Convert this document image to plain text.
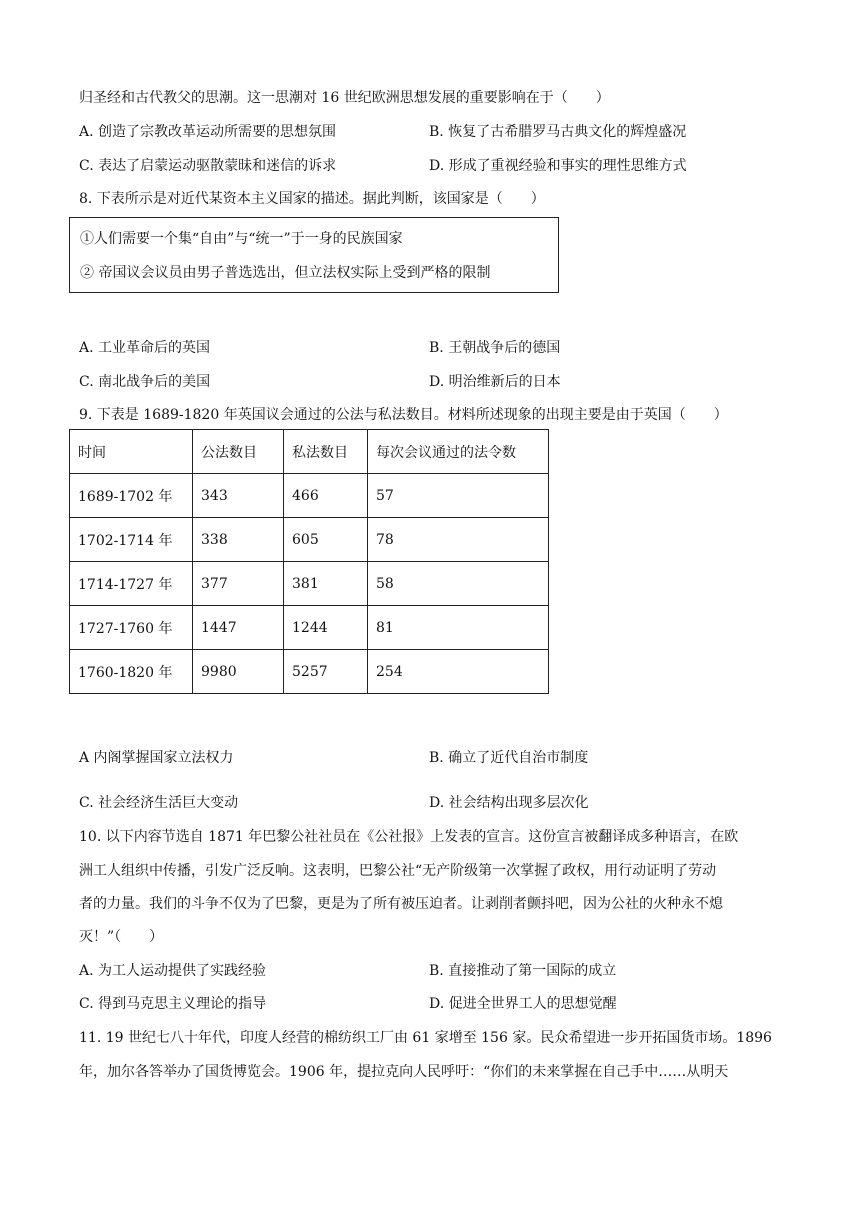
归圣经和古代教父的思潮。这一思潮对 16 世纪欧洲思想发展的重要影响在于（　　）
A. 创造了宗教改革运动所需要的思想氛围	B. 恢复了古希腊罗马古典文化的辉煌盛况
C. 表达了启蒙运动驱散蒙昧和迷信的诉求	D. 形成了重视经验和事实的理性思维方式
8. 下表所示是对近代某资本主义国家的描述。据此判断，该国家是（　　）
①人们需要一个集“自由”与“统一”于一身的民族国家
② 帝国议会议员由男子普选选出，但立法权实际上受到严格的限制
A. 工业革命后的英国	B. 王朝战争后的德国
C. 南北战争后的美国	D. 明治维新后的日本
9. 下表是 1689-1820 年英国议会通过的公法与私法数目。材料所述现象的出现主要是由于英国（　　）
时间	公法数目	私法数目	每次会议通过的法令数
1689-1702 年	343	466	57
1702-1714 年	338	605	78
1714-1727 年	377	381	58
1727-1760 年	1447	1244	81
1760-1820 年	9980	5257	254
A 内阁掌握国家立法权力	B. 确立了近代自治市制度
C. 社会经济生活巨大变动	D. 社会结构出现多层次化
10. 以下内容节选自 1871 年巴黎公社社员在《公社报》上发表的宣言。这份宣言被翻译成多种语言，在欧
洲工人组织中传播，引发广泛反响。这表明，巴黎公社“无产阶级第一次掌握了政权，用行动证明了劳动
者的力量。我们的斗争不仅为了巴黎，更是为了所有被压迫者。让剥削者颤抖吧，因为公社的火种永不熄
灭！”（　　）
A. 为工人运动提供了实践经验	B. 直接推动了第一国际的成立
C. 得到马克思主义理论的指导	D. 促进全世界工人的思想觉醒
11. 19 世纪七八十年代，印度人经营的棉纺织工厂由 61 家增至 156 家。民众希望进一步开拓国货市场。1896
年，加尔各答举办了国货博览会。1906 年，提拉克向人民呼吁：“你们的未来掌握在自己手中……从明天
